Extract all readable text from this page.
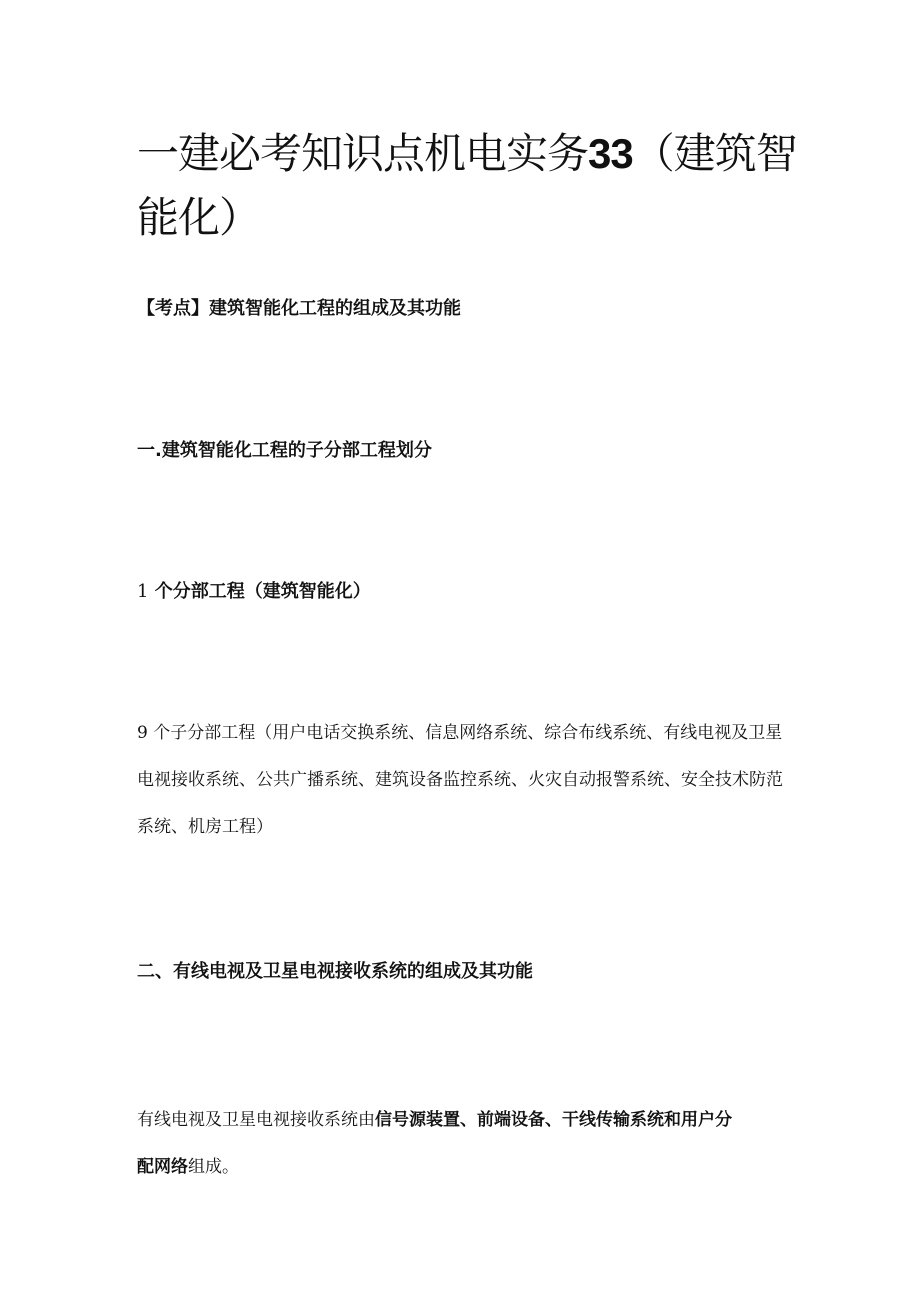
一建必考知识点机电实务33（建筑智能化）
【考点】建筑智能化工程的组成及其功能
一.建筑智能化工程的子分部工程划分
1 个分部工程（建筑智能化）
9 个子分部工程（用户电话交换系统、信息网络系统、综合布线系统、有线电视及卫星电视接收系统、公共广播系统、建筑设备监控系统、火灾自动报警系统、安全技术防范系统、机房工程）
二、有线电视及卫星电视接收系统的组成及其功能
有线电视及卫星电视接收系统由信号源装置、前端设备、干线传输系统和用户分配网络组成。
